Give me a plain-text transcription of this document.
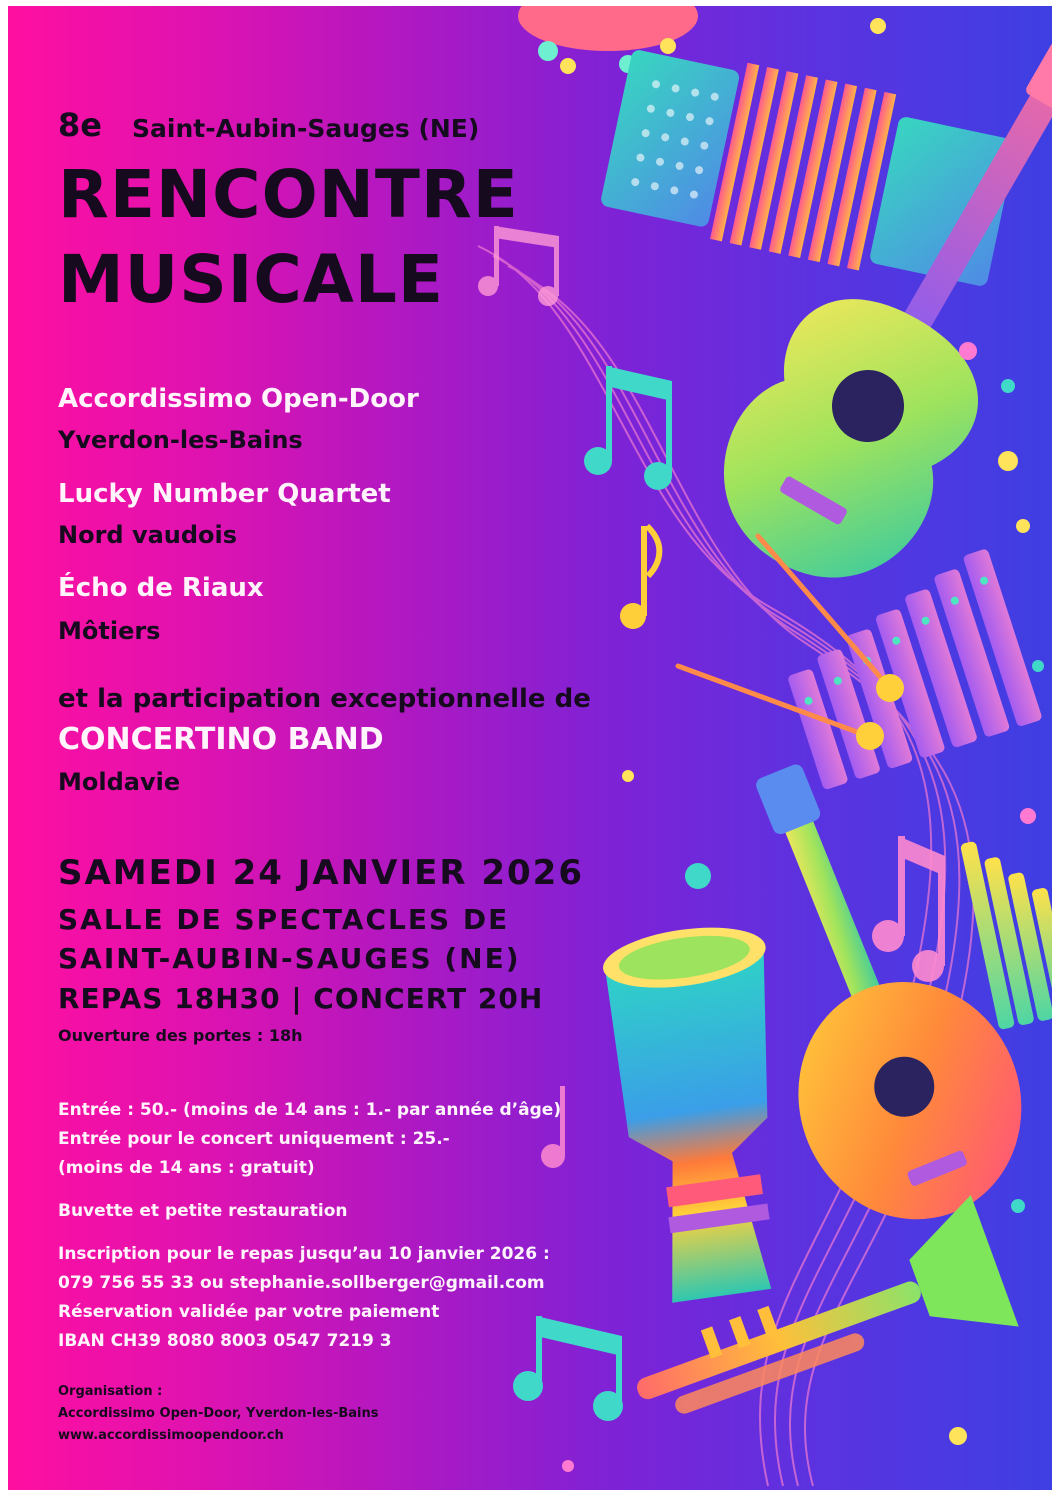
8e Saint-Aubin-Sauges (NE)
RENCONTRE
MUSICALE
Accordissimo Open-Door
Yverdon-les-Bains
Lucky Number Quartet
Nord vaudois
Écho de Riaux
Môtiers
et la participation exceptionnelle de
CONCERTINO BAND
Moldavie
SAMEDI 24 JANVIER 2026
SALLE DE SPECTACLES DE
SAINT-AUBIN-SAUGES (NE)
REPAS 18H30 | CONCERT 20H
Ouverture des portes : 18h
Entrée : 50.- (moins de 14 ans : 1.- par année d’âge)
Entrée pour le concert uniquement : 25.-
(moins de 14 ans : gratuit)
Buvette et petite restauration
Inscription pour le repas jusqu’au 10 janvier 2026 :
079 756 55 33 ou stephanie.sollberger@gmail.com
Réservation validée par votre paiement
IBAN CH39 8080 8003 0547 7219 3
Organisation :
Accordissimo Open-Door, Yverdon-les-Bains
www.accordissimoopendoor.ch
